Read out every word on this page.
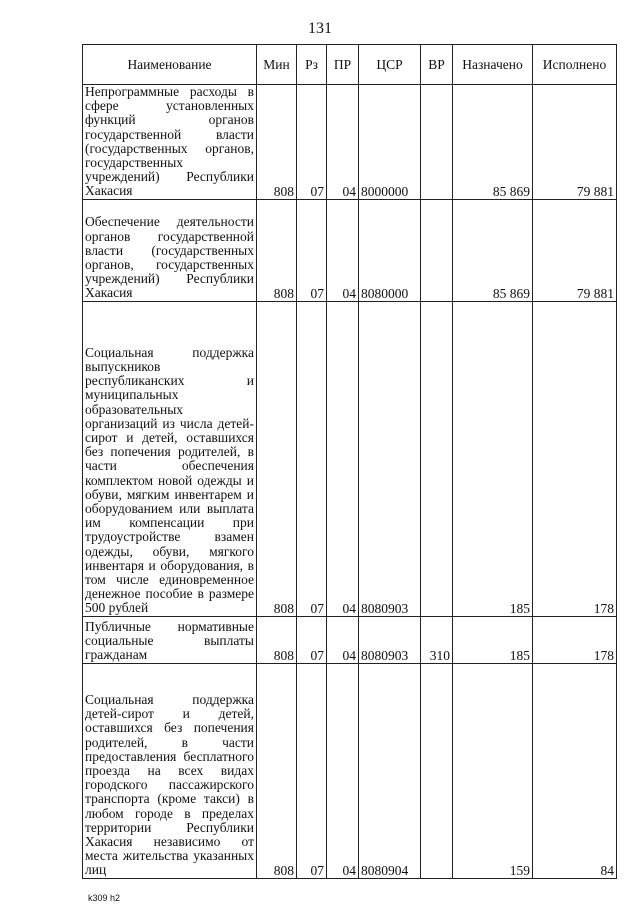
131
Наименование	Мин	Рз	ПР	ЦСР	ВР	Назначено	Исполнено
Непрограммные расходы в сфере установленных функций органов государственной власти (государственных органов, государственных учреждений) Республики Хакасия	808	07	04	8000000		85 869	79 881
Обеспечение деятельности органов государственной власти (государственных органов, государственных учреждений) Республики Хакасия	808	07	04	8080000		85 869	79 881
Социальная поддержка выпускников республиканских и муниципальных образовательных организаций из числа детей-сирот и детей, оставшихся без попечения родителей, в части обеспечения комплектом новой одежды и обуви, мягким инвентарем и оборудованием или выплата им компенсации при трудоустройстве взамен одежды, обуви, мягкого инвентаря и оборудования, в том числе единовременное денежное пособие в размере 500 рублей	808	07	04	8080903		185	178
Публичные нормативные социальные выплаты гражданам	808	07	04	8080903	310	185	178
Социальная поддержка детей-сирот и детей, оставшихся без попечения родителей, в части предоставления бесплатного проезда на всех видах городского пассажирского транспорта (кроме такси) в любом городе в пределах территории Республики Хакасия независимо от места жительства указанных лиц	808	07	04	8080904		159	84
k309 h2
